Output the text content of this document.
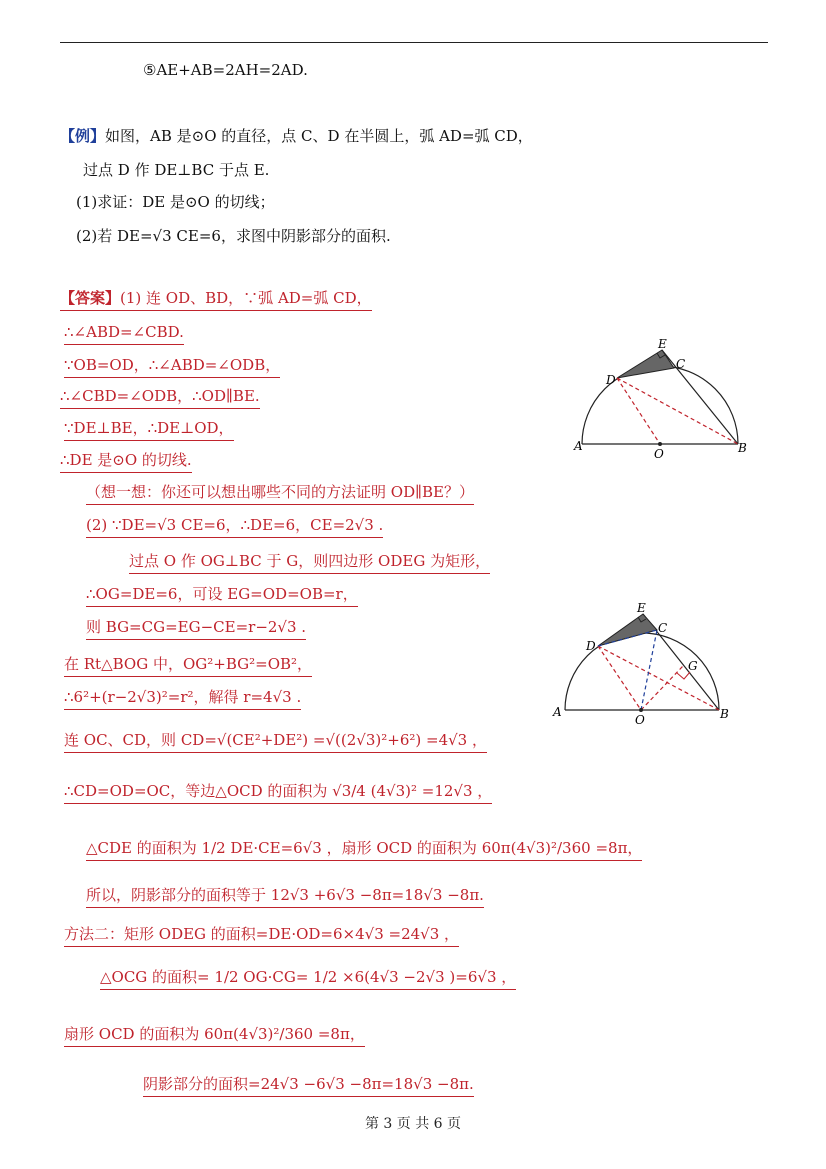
⑤AE+AB=2AH=2AD.
【例】如图，AB 是⊙O 的直径，点 C、D 在半圆上，弧 AD=弧 CD，
过点 D 作 DE⊥BC 于点 E.
(1)求证：DE 是⊙O 的切线；
(2)若 DE=√3 CE=6，求图中阴影部分的面积.
【答案】(1) 连 OD、BD，∵弧 AD=弧 CD，
∴∠ABD=∠CBD.
∵OB=OD，∴∠ABD=∠ODB，
∴∠CBD=∠ODB，∴OD∥BE.
∵DE⊥BE，∴DE⊥OD，
∴DE 是⊙O 的切线.
（想一想：你还可以想出哪些不同的方法证明 OD∥BE？）
(2) ∵DE=√3 CE=6，∴DE=6，CE=2√3 .
过点 O 作 OG⊥BC 于 G，则四边形 ODEG 为矩形，
∴OG=DE=6，可设 EG=OD=OB=r，
则 BG=CG=EG−CE=r−2√3 .
在 Rt△BOG 中，OG²+BG²=OB²，
∴6²+(r−2√3)²=r²，解得 r=4√3 .
连 OC、CD，则 CD=√(CE²+DE²) =√((2√3)²+6²) =4√3 ，
∴CD=OD=OC，等边△OCD 的面积为 √3/4 (4√3)² =12√3 ，
△CDE 的面积为 1/2 DE·CE=6√3 ，扇形 OCD 的面积为 60π(4√3)²/360 =8π，
所以，阴影部分的面积等于 12√3 +6√3 −8π=18√3 −8π.
方法二：矩形 ODEG 的面积=DE·OD=6×4√3 =24√3 ，
△OCG 的面积= 1/2 OG·CG= 1/2 ×6(4√3 −2√3 )=6√3 ，
扇形 OCD 的面积为 60π(4√3)²/360 =8π，
阴影部分的面积=24√3 −6√3 −8π=18√3 −8π.
E
C
D
A
O	B
E
C
D
G
A
O	B
第 3 页 共 6 页
